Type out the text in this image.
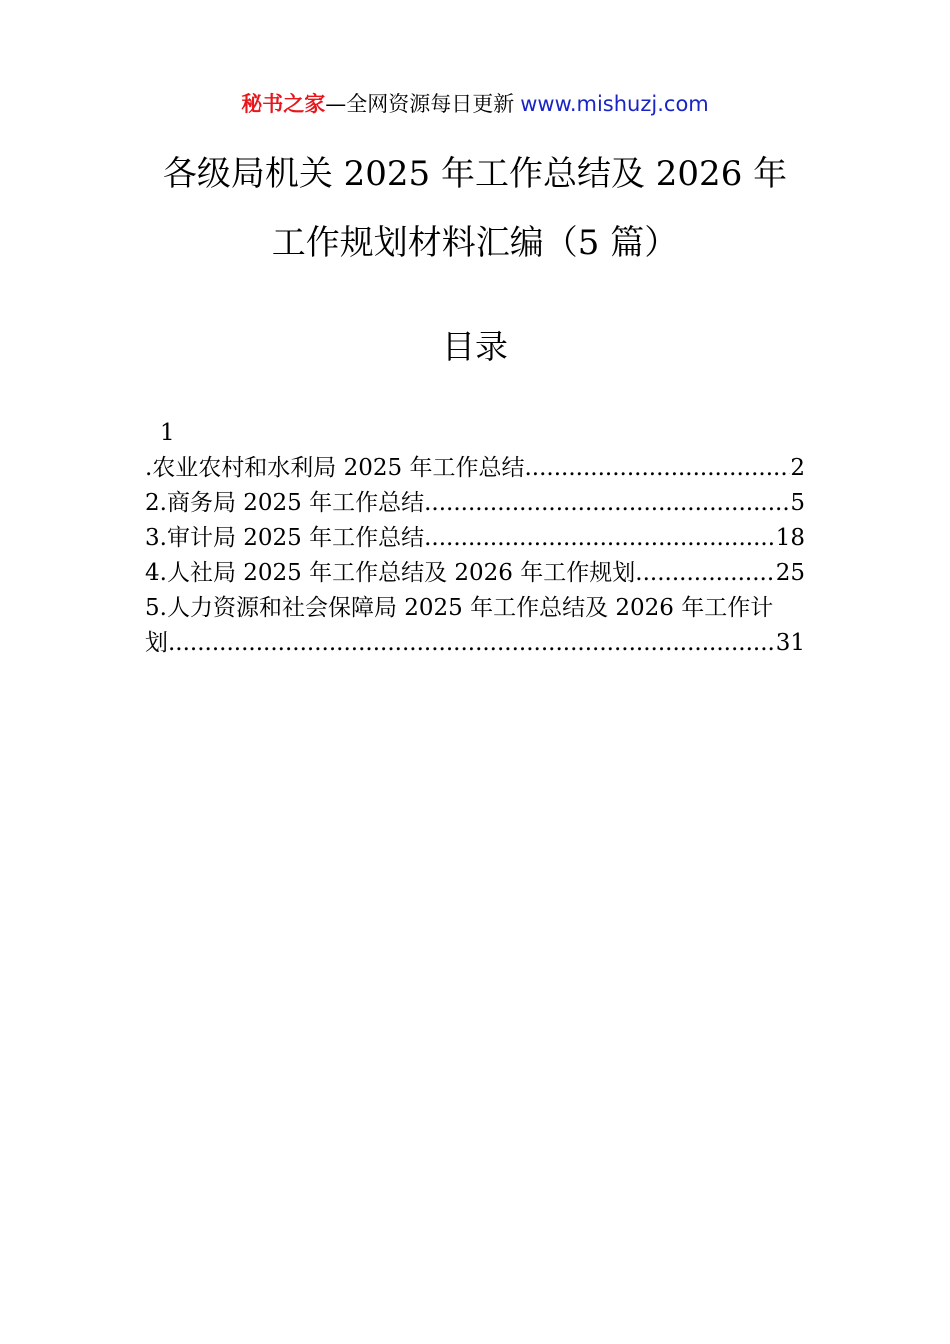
秘书之家—全网资源每日更新 www.mishuzj.com
各级局机关 2025 年工作总结及 2026 年
工作规划材料汇编（5 篇）
目录
1
.农业农村和水利局 2025 年工作总结 .....	2
2.商务局 2025 年工作总结 .....	5
3.审计局 2025 年工作总结 .....	18
4.人社局 2025 年工作总结及 2026 年工作规划 .....	25
5.人力资源和社会保障局 2025 年工作总结及 2026 年工作计
划 .....	31
